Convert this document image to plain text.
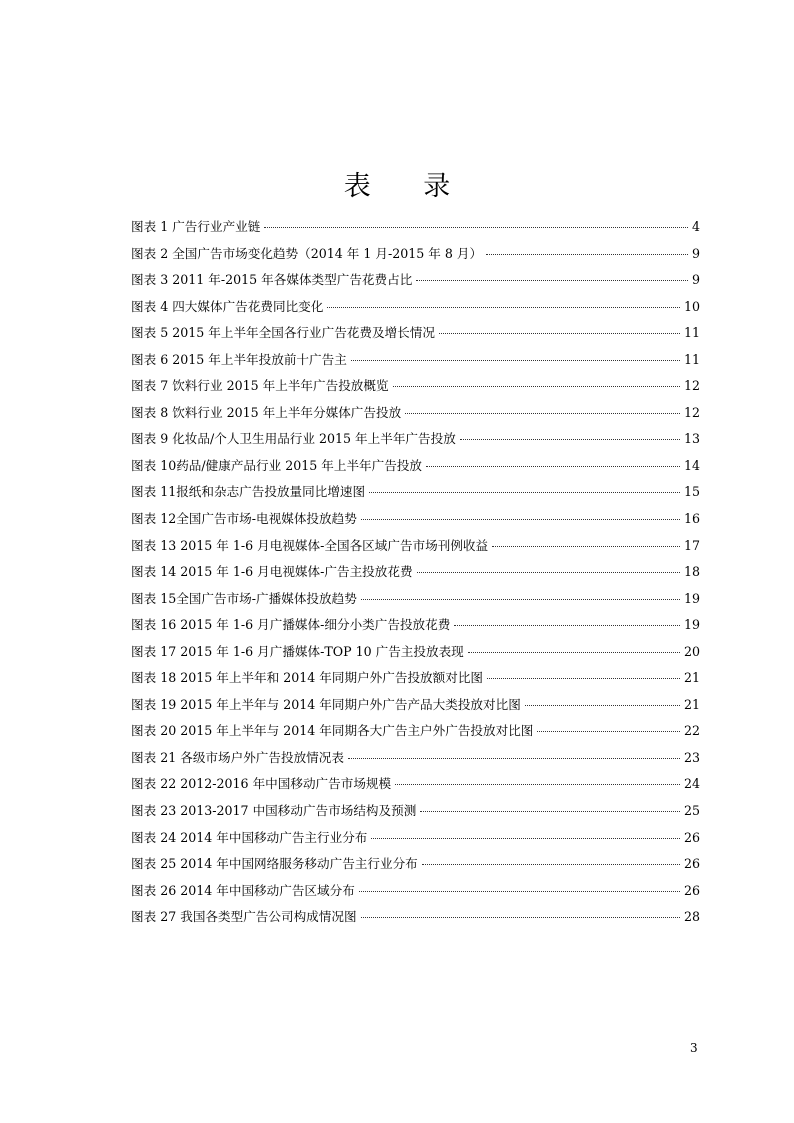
表 录
图表 1 广告行业产业链	4
图表 2 全国广告市场变化趋势（2014 年 1 月-2015 年 8 月）	9
图表 3 2011 年-2015 年各媒体类型广告花费占比	9
图表 4 四大媒体广告花费同比变化	10
图表 5 2015 年上半年全国各行业广告花费及增长情况	11
图表 6 2015 年上半年投放前十广告主	11
图表 7 饮料行业 2015 年上半年广告投放概览	12
图表 8 饮料行业 2015 年上半年分媒体广告投放	12
图表 9 化妆品/个人卫生用品行业 2015 年上半年广告投放	13
图表 10药品/健康产品行业 2015 年上半年广告投放	14
图表 11报纸和杂志广告投放量同比增速图	15
图表 12全国广告市场-电视媒体投放趋势	16
图表 13 2015 年 1-6 月电视媒体-全国各区域广告市场刊例收益	17
图表 14 2015 年 1-6 月电视媒体-广告主投放花费	18
图表 15全国广告市场-广播媒体投放趋势	19
图表 16 2015 年 1-6 月广播媒体-细分小类广告投放花费	19
图表 17 2015 年 1-6 月广播媒体-TOP 10 广告主投放表现	20
图表 18 2015 年上半年和 2014 年同期户外广告投放额对比图	21
图表 19 2015 年上半年与 2014 年同期户外广告产品大类投放对比图	21
图表 20 2015 年上半年与 2014 年同期各大广告主户外广告投放对比图	22
图表 21 各级市场户外广告投放情况表	23
图表 22 2012-2016 年中国移动广告市场规模	24
图表 23 2013-2017 中国移动广告市场结构及预测	25
图表 24 2014 年中国移动广告主行业分布	26
图表 25 2014 年中国网络服务移动广告主行业分布	26
图表 26 2014 年中国移动广告区域分布	26
图表 27 我国各类型广告公司构成情况图	28
3
